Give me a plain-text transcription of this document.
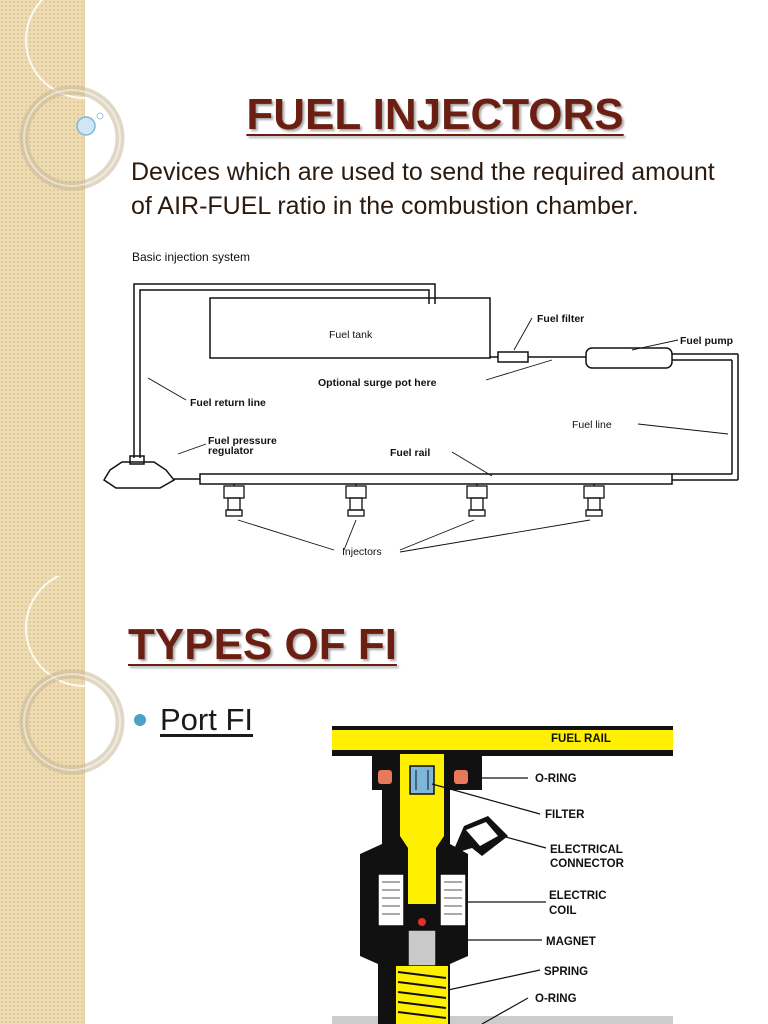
FUEL INJECTORS
Devices which are used to send the required amount of AIR-FUEL ratio in the combustion chamber.
Basic injection system
Fuel tank
Fuel filter
Fuel pump
Optional surge pot here
Fuel return line
Fuel line
Fuel pressure
regulator	Fuel rail
Injectors
TYPES OF FI
Port FI
FUEL RAIL
O-RING
FILTER
ELECTRICAL
CONNECTOR
ELECTRIC
COIL
MAGNET
SPRING
O-RING
